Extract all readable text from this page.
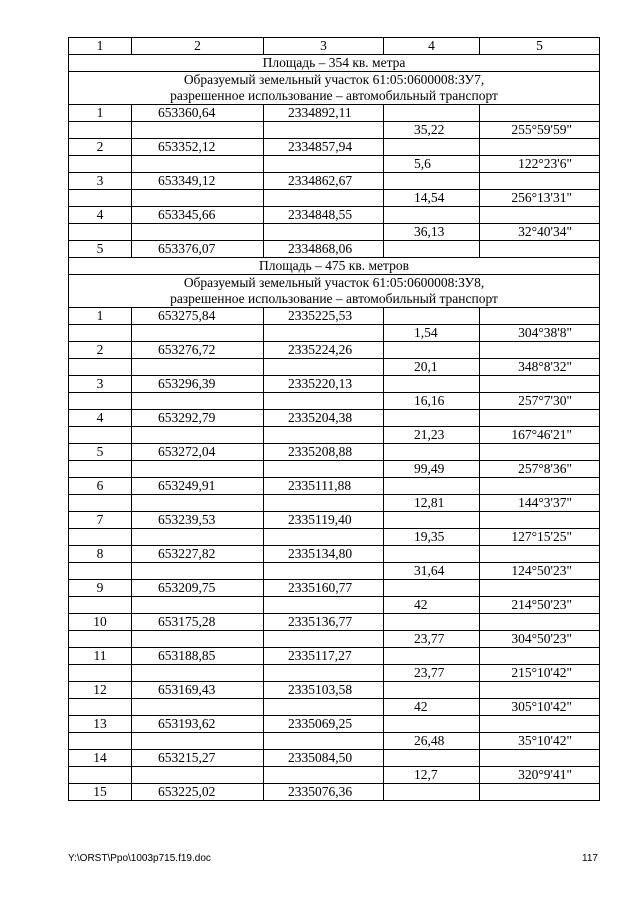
1	2	3	4	5

Площадь – 354 кв. метра				

Образуемый земельный участок 61:05:0600008:ЗУ7,
разрешенное использование – автомобильный транспорт				

1	653360,64	2334892,11		
			35,22	255°59'59"
2	653352,12	2334857,94		
			5,6	122°23'6"
3	653349,12	2334862,67		
			14,54	256°13'31"
4	653345,66	2334848,55		
			36,13	32°40'34"
5	653376,07	2334868,06		

Площадь – 475 кв. метров				

Образуемый земельный участок 61:05:0600008:ЗУ8,
разрешенное использование – автомобильный транспорт				

1	653275,84	2335225,53		
			1,54	304°38'8"
2	653276,72	2335224,26		
			20,1	348°8'32"
3	653296,39	2335220,13		
			16,16	257°7'30"
4	653292,79	2335204,38		
			21,23	167°46'21"
5	653272,04	2335208,88		
			99,49	257°8'36"
6	653249,91	2335111,88		
			12,81	144°3'37"
7	653239,53	2335119,40		
			19,35	127°15'25"
8	653227,82	2335134,80		
			31,64	124°50'23"
9	653209,75	2335160,77		
			42	214°50'23"
10	653175,28	2335136,77		
			23,77	304°50'23"
11	653188,85	2335117,27		
			23,77	215°10'42"
12	653169,43	2335103,58		
			42	305°10'42"
13	653193,62	2335069,25		
			26,48	35°10'42"
14	653215,27	2335084,50		
			12,7	320°9'41"
15	653225,02	2335076,36		
Y:\ORST\Ppo\1003p715.f19.doc	117
